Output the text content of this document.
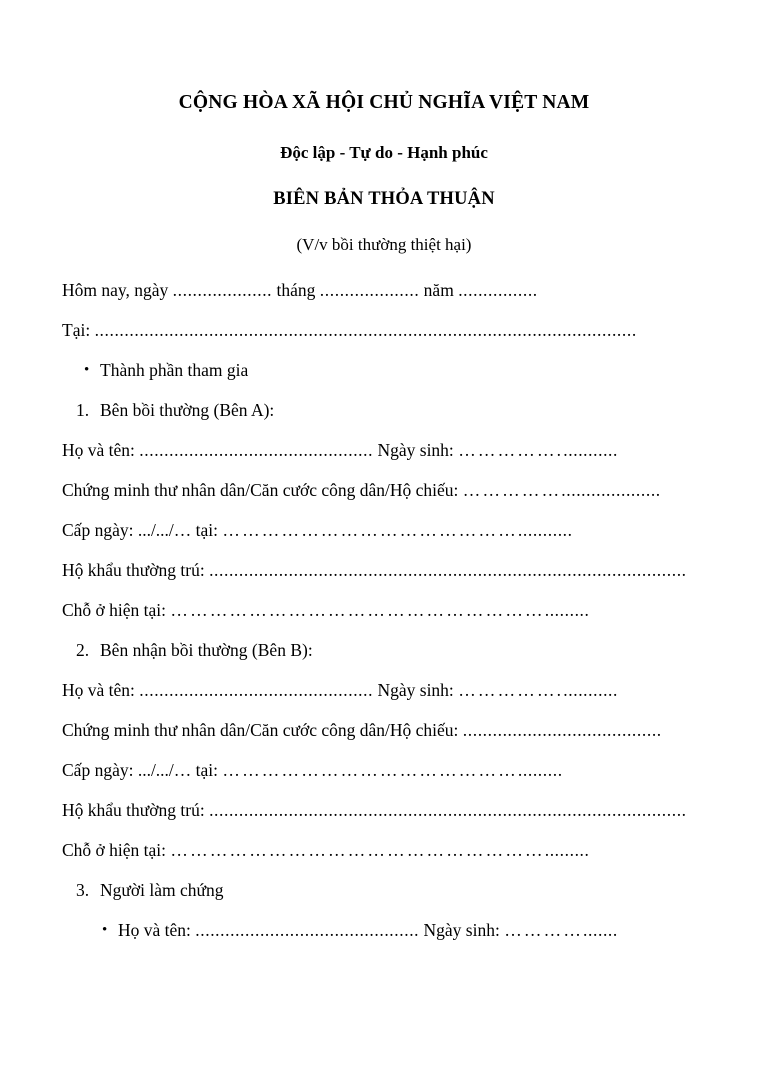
CỘNG HÒA XÃ HỘI CHỦ NGHĨA VIỆT NAM
Độc lập - Tự do - Hạnh phúc
BIÊN BẢN THỎA THUẬN
(V/v bồi thường thiệt hại)
Hôm nay, ngày .................... tháng .................... năm ................
Tại: .............................................................................................................
• Thành phần tham gia
1. Bên bồi thường (Bên A):
Họ và tên: ............................................... Ngày sinh: ……………............
Chứng minh thư nhân dân/Căn cước công dân/Hộ chiếu: ……………....................
Cấp ngày: .../.../… tại: ………………………………………...........
Hộ khẩu thường trú: ................................................................................................
Chỗ ở hiện tại: ………………………………………………….........
2. Bên nhận bồi thường (Bên B):
Họ và tên: ............................................... Ngày sinh: ……………............
Chứng minh thư nhân dân/Căn cước công dân/Hộ chiếu: ........................................
Cấp ngày: .../.../… tại: ……………………………………….........
Hộ khẩu thường trú: ................................................................................................
Chỗ ở hiện tại: ………………………………………………….........
3. Người làm chứng
• Họ và tên: ............................................. Ngày sinh: ………….......
